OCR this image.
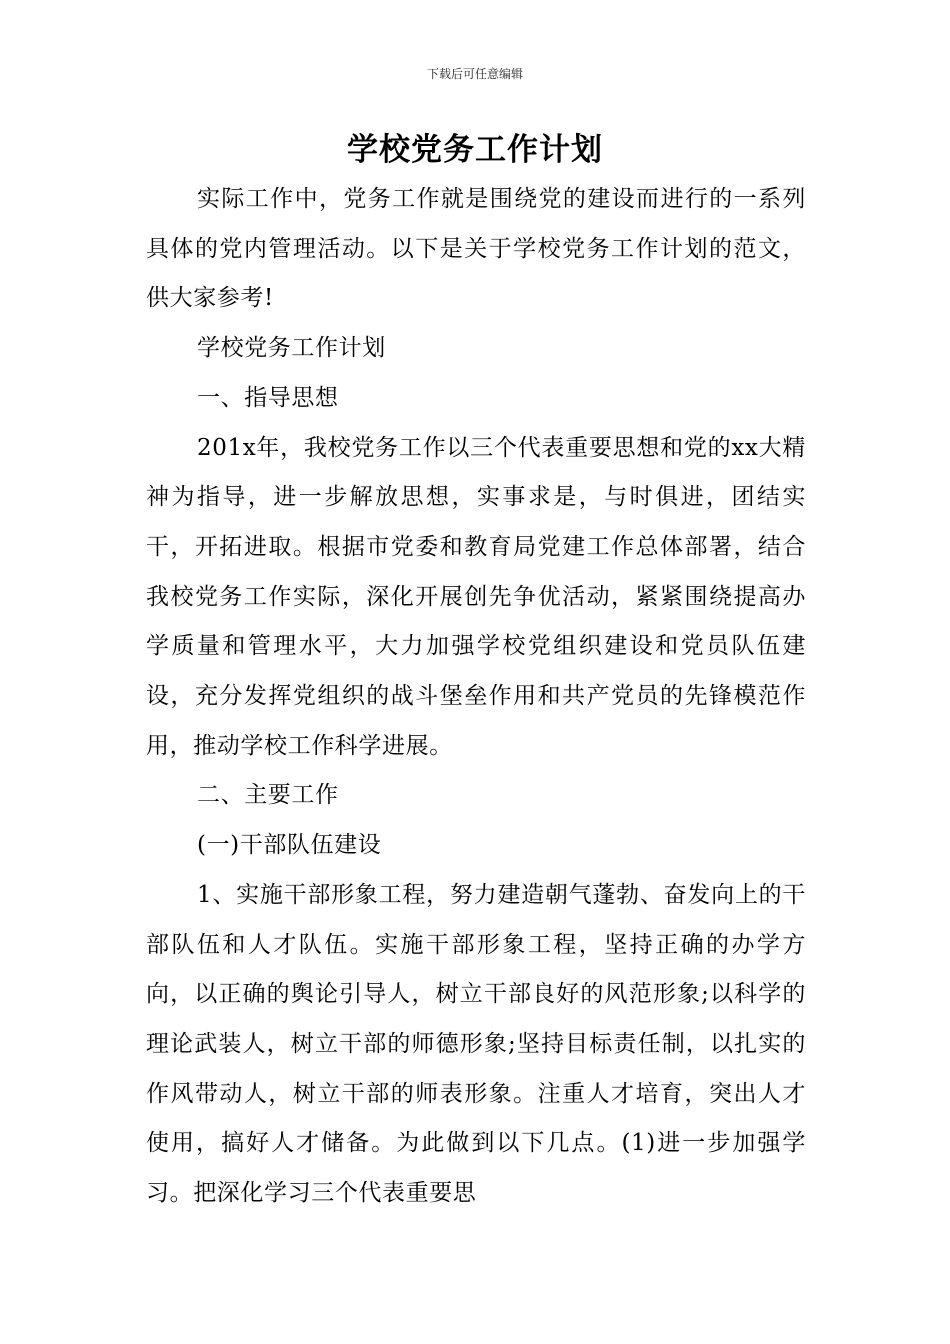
下载后可任意编辑
学校党务工作计划

实际工作中，党务工作就是围绕党的建设而进行的一系列具体的党内管理活动。以下是关于学校党务工作计划的范文，供大家参考!

学校党务工作计划

一、指导思想

201x年，我校党务工作以三个代表重要思想和党的xx大精神为指导，进一步解放思想，实事求是，与时俱进，团结实干，开拓进取。根据市党委和教育局党建工作总体部署，结合我校党务工作实际，深化开展创先争优活动，紧紧围绕提高办学质量和管理水平，大力加强学校党组织建设和党员队伍建设，充分发挥党组织的战斗堡垒作用和共产党员的先锋模范作用，推动学校工作科学进展。

二、主要工作

(一)干部队伍建设

1、实施干部形象工程，努力建造朝气蓬勃、奋发向上的干部队伍和人才队伍。实施干部形象工程，坚持正确的办学方向，以正确的舆论引导人，树立干部良好的风范形象;以科学的理论武装人，树立干部的师德形象;坚持目标责任制，以扎实的作风带动人，树立干部的师表形象。注重人才培育，突出人才使用，搞好人才储备。为此做到以下几点。(1)进一步加强学习。把深化学习三个代表重要思
